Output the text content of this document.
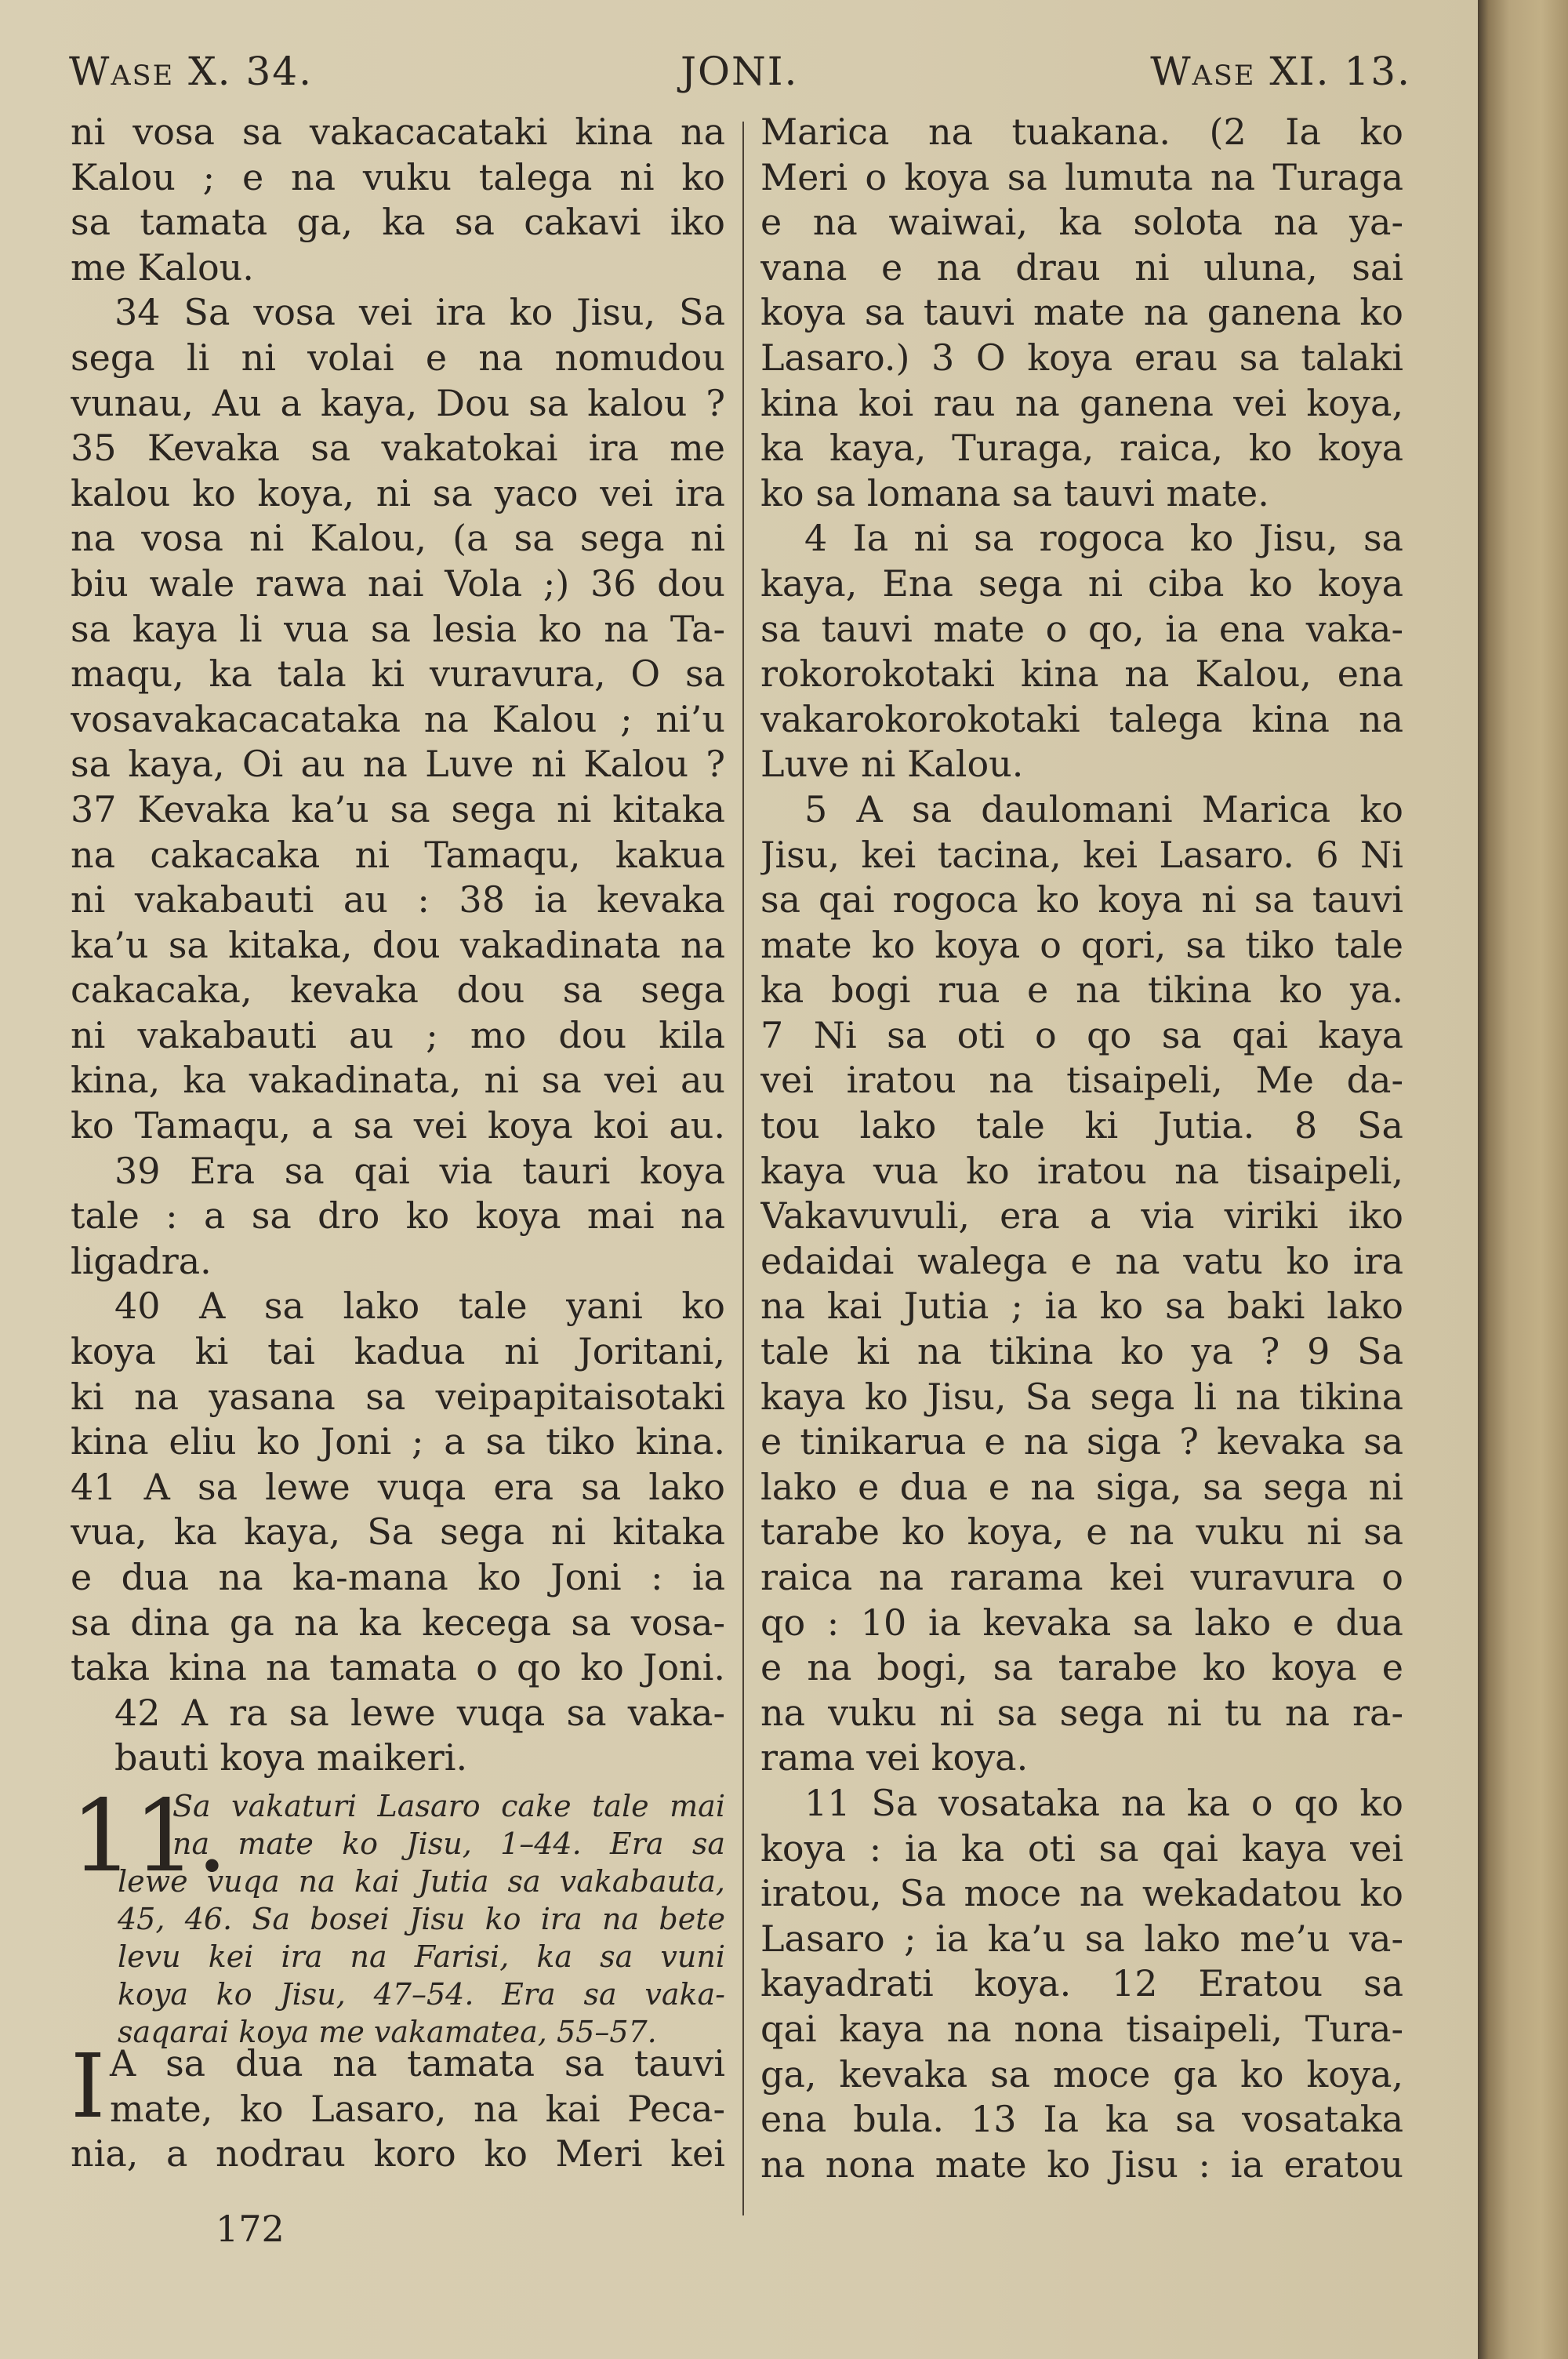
Wase X. 34.	JONI.	Wase XI. 13.
ni vosa sa vakacacataki kina na
Kalou ; e na vuku talega ni ko
sa tamata ga, ka sa cakavi iko
me Kalou.
34 Sa vosa vei ira ko Jisu, Sa
sega li ni volai e na nomudou
vunau, Au a kaya, Dou sa kalou ?
35 Kevaka sa vakatokai ira me
kalou ko koya, ni sa yaco vei ira
na vosa ni Kalou, (a sa sega ni
biu wale rawa nai Vola ;) 36 dou
sa kaya li vua sa lesia ko na Ta-
maqu, ka tala ki vuravura, O sa
vosavakacacataka na Kalou ; ni’u
sa kaya, Oi au na Luve ni Kalou ?
37 Kevaka ka’u sa sega ni kitaka
na cakacaka ni Tamaqu, kakua
ni vakabauti au : 38 ia kevaka
ka’u sa kitaka, dou vakadinata na
cakacaka, kevaka dou sa sega
ni vakabauti au ; mo dou kila
kina, ka vakadinata, ni sa vei au
ko Tamaqu, a sa vei koya koi au.
39 Era sa qai via tauri koya
tale : a sa dro ko koya mai na
ligadra.
40 A sa lako tale yani ko
koya ki tai kadua ni Joritani,
ki na yasana sa veipapitaisotaki
kina eliu ko Joni ; a sa tiko kina.
41 A sa lewe vuqa era sa lako
vua, ka kaya, Sa sega ni kitaka
e dua na ka-mana ko Joni : ia
sa dina ga na ka kecega sa vosa-
taka kina na tamata o qo ko Joni.
42 A ra sa lewe vuqa sa vaka-
bauti koya maikeri.
11.
Sa vakaturi Lasaro cake tale mai
na mate ko Jisu, 1–44. Era sa
lewe vuqa na kai Jutia sa vakabauta,
45, 46. Sa bosei Jisu ko ira na bete
levu kei ira na Farisi, ka sa vuni
koya ko Jisu, 47–54. Era sa vaka-
saqarai koya me vakamatea, 55–57.
I A sa dua na tamata sa tauvi
mate, ko Lasaro, na kai Peca-
nia, a nodrau koro ko Meri kei
Marica na tuakana. (2 Ia ko
Meri o koya sa lumuta na Turaga
e na waiwai, ka solota na ya-
vana e na drau ni uluna, sai
koya sa tauvi mate na ganena ko
Lasaro.) 3 O koya erau sa talaki
kina koi rau na ganena vei koya,
ka kaya, Turaga, raica, ko koya
ko sa lomana sa tauvi mate.
4 Ia ni sa rogoca ko Jisu, sa
kaya, Ena sega ni ciba ko koya
sa tauvi mate o qo, ia ena vaka-
rokorokotaki kina na Kalou, ena
vakarokorokotaki talega kina na
Luve ni Kalou.
5 A sa daulomani Marica ko
Jisu, kei tacina, kei Lasaro. 6 Ni
sa qai rogoca ko koya ni sa tauvi
mate ko koya o qori, sa tiko tale
ka bogi rua e na tikina ko ya.
7 Ni sa oti o qo sa qai kaya
vei iratou na tisaipeli, Me da-
tou lako tale ki Jutia. 8 Sa
kaya vua ko iratou na tisaipeli,
Vakavuvuli, era a via viriki iko
edaidai walega e na vatu ko ira
na kai Jutia ; ia ko sa baki lako
tale ki na tikina ko ya ? 9 Sa
kaya ko Jisu, Sa sega li na tikina
e tinikarua e na siga ? kevaka sa
lako e dua e na siga, sa sega ni
tarabe ko koya, e na vuku ni sa
raica na rarama kei vuravura o
qo : 10 ia kevaka sa lako e dua
e na bogi, sa tarabe ko koya e
na vuku ni sa sega ni tu na ra-
rama vei koya.
11 Sa vosataka na ka o qo ko
koya : ia ka oti sa qai kaya vei
iratou, Sa moce na wekadatou ko
Lasaro ; ia ka’u sa lako me’u va-
kayadrati koya. 12 Eratou sa
qai kaya na nona tisaipeli, Tura-
ga, kevaka sa moce ga ko koya,
ena bula. 13 Ia ka sa vosataka
na nona mate ko Jisu : ia eratou
172
